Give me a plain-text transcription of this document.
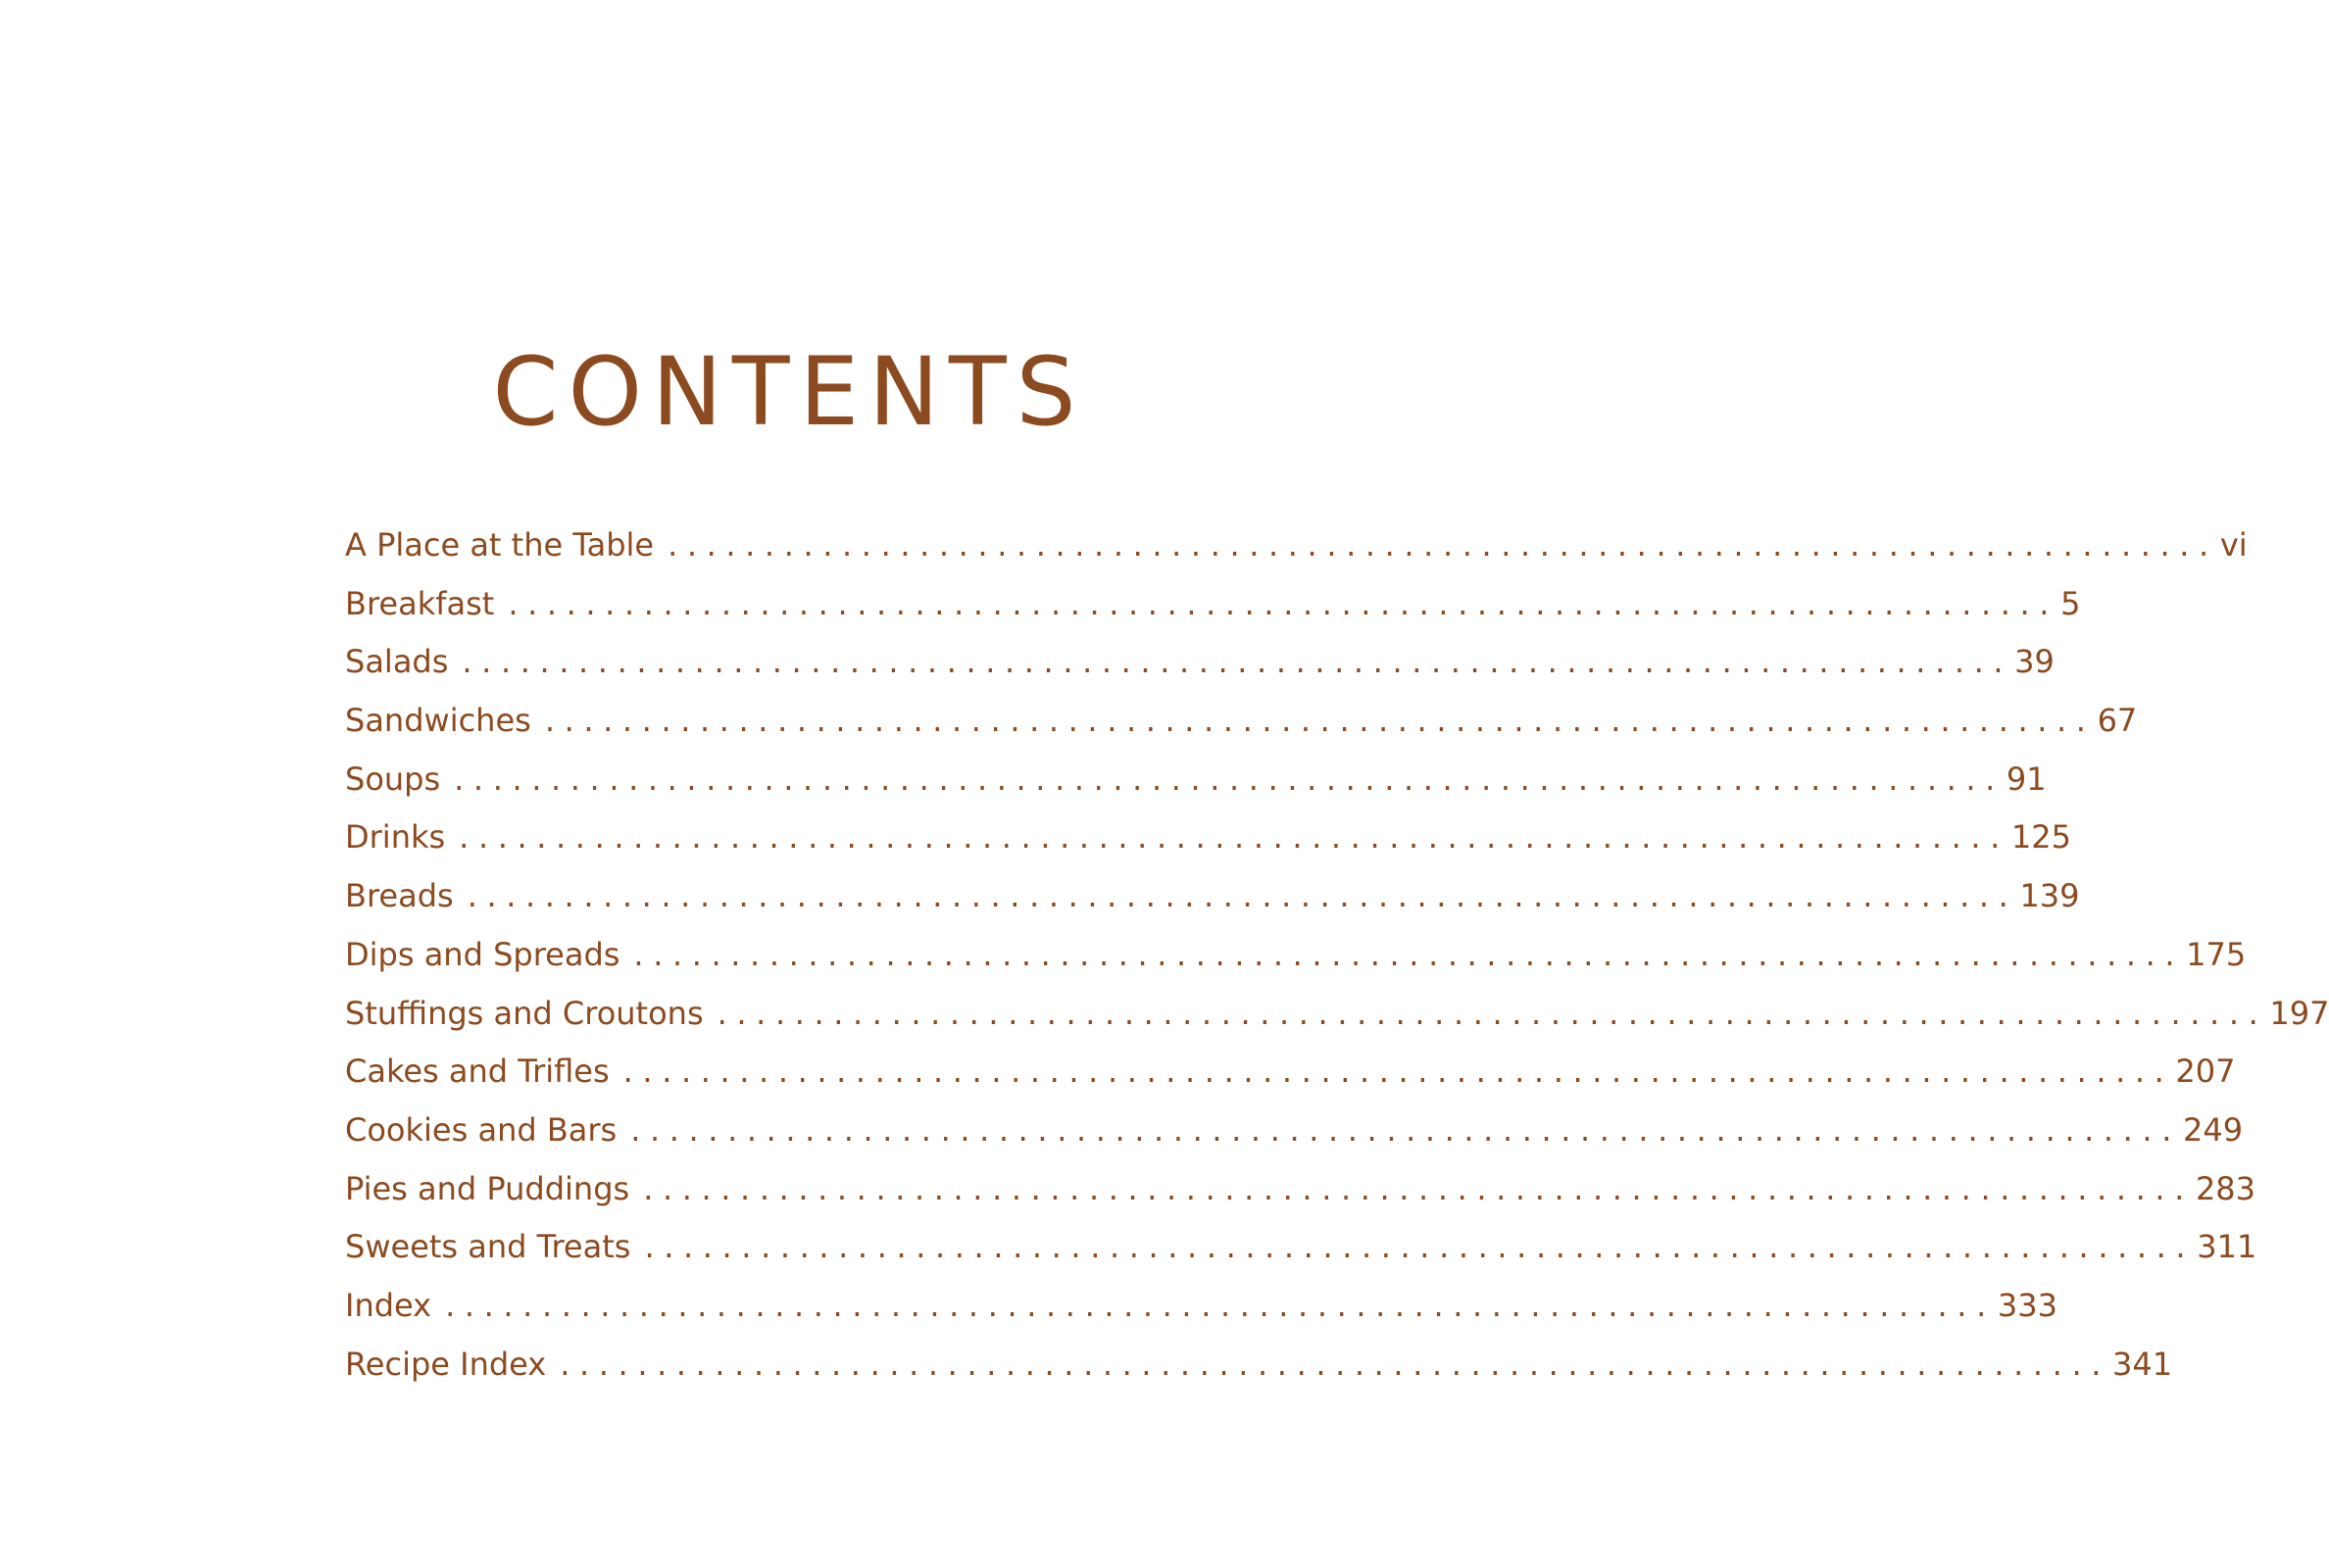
CONTENTS
A Place at the Table ................................................................................ vi
Breakfast ................................................................................ 5
Salads ................................................................................ 39
Sandwiches ................................................................................ 67
Soups ................................................................................ 91
Drinks ................................................................................ 125
Breads ................................................................................ 139
Dips and Spreads ................................................................................ 175
Stuffings and Croutons ................................................................................ 197
Cakes and Trifles ................................................................................ 207
Cookies and Bars ................................................................................ 249
Pies and Puddings ................................................................................ 283
Sweets and Treats ................................................................................ 311
Index ................................................................................ 333
Recipe Index ................................................................................ 341
